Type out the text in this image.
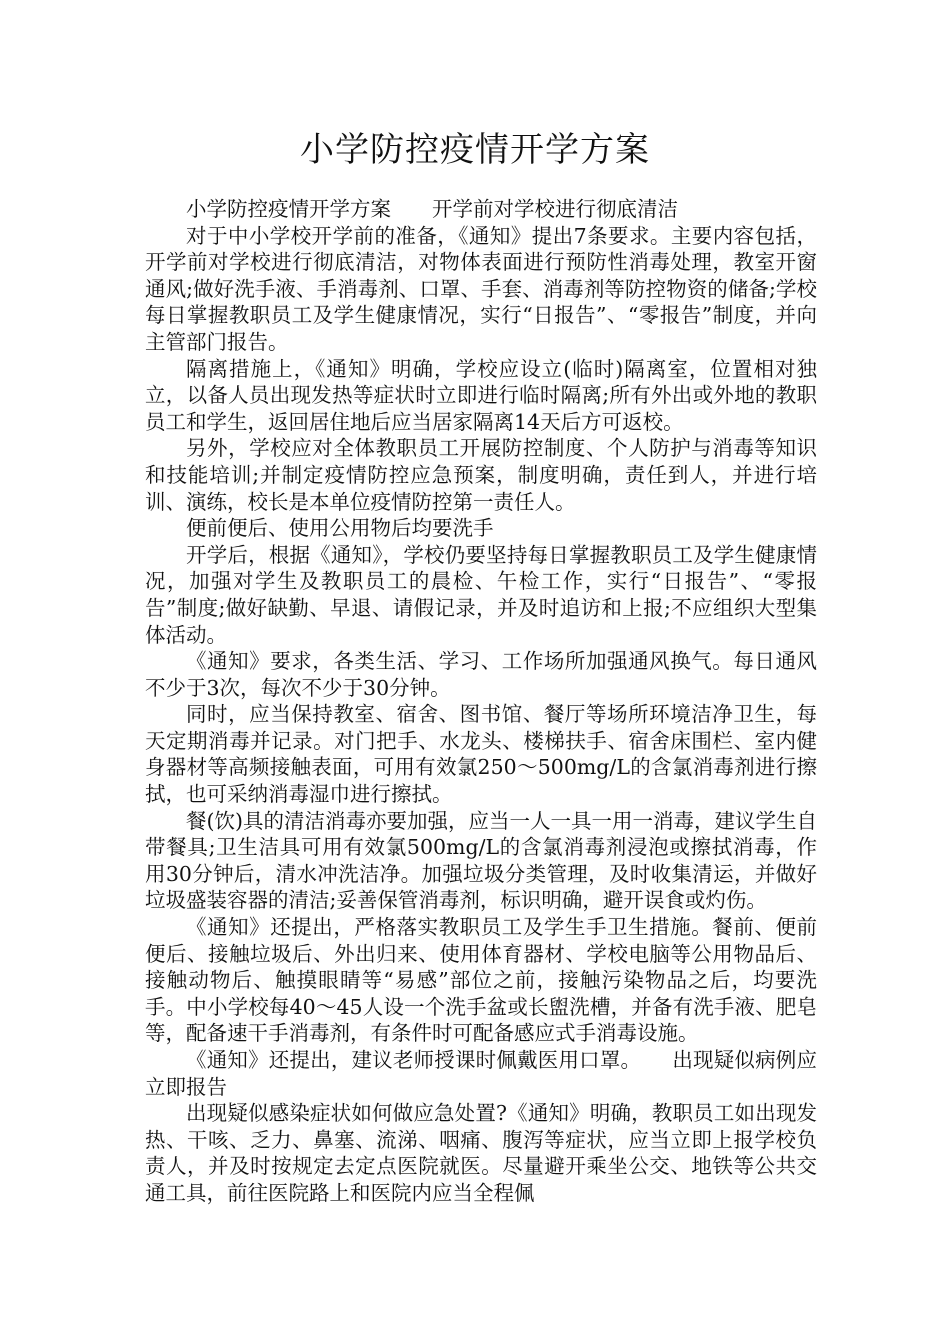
小学防控疫情开学方案

小学防控疫情开学方案　　开学前对学校进行彻底清洁

对于中小学校开学前的准备，《通知》提出7条要求。主要内容包括，开学前对学校进行彻底清洁，对物体表面进行预防性消毒处理，教室开窗通风;做好洗手液、手消毒剂、口罩、手套、消毒剂等防控物资的储备;学校每日掌握教职员工及学生健康情况，实行“日报告”、“零报告”制度，并向主管部门报告。

隔离措施上，《通知》明确，学校应设立(临时)隔离室，位置相对独立，以备人员出现发热等症状时立即进行临时隔离;所有外出或外地的教职员工和学生，返回居住地后应当居家隔离14天后方可返校。

另外，学校应对全体教职员工开展防控制度、个人防护与消毒等知识和技能培训;并制定疫情防控应急预案，制度明确，责任到人，并进行培训、演练，校长是本单位疫情防控第一责任人。

便前便后、使用公用物后均要洗手

开学后，根据《通知》，学校仍要坚持每日掌握教职员工及学生健康情况，加强对学生及教职员工的晨检、午检工作，实行“日报告”、“零报告”制度;做好缺勤、早退、请假记录，并及时追访和上报;不应组织大型集体活动。

《通知》要求，各类生活、学习、工作场所加强通风换气。每日通风不少于3次，每次不少于30分钟。

同时，应当保持教室、宿舍、图书馆、餐厅等场所环境洁净卫生，每天定期消毒并记录。对门把手、水龙头、楼梯扶手、宿舍床围栏、室内健身器材等高频接触表面，可用有效氯250～500mg/L的含氯消毒剂进行擦拭，也可采纳消毒湿巾进行擦拭。

餐(饮)具的清洁消毒亦要加强，应当一人一具一用一消毒，建议学生自带餐具;卫生洁具可用有效氯500mg/L的含氯消毒剂浸泡或擦拭消毒，作用30分钟后，清水冲洗洁净。加强垃圾分类管理，及时收集清运，并做好垃圾盛装容器的清洁;妥善保管消毒剂，标识明确，避开误食或灼伤。

《通知》还提出，严格落实教职员工及学生手卫生措施。餐前、便前便后、接触垃圾后、外出归来、使用体育器材、学校电脑等公用物品后、接触动物后、触摸眼睛等“易感”部位之前，接触污染物品之后，均要洗手。中小学校每40～45人设一个洗手盆或长盥洗槽，并备有洗手液、肥皂等，配备速干手消毒剂，有条件时可配备感应式手消毒设施。

《通知》还提出，建议老师授课时佩戴医用口罩。　　出现疑似病例应立即报告

出现疑似感染症状如何做应急处置?《通知》明确，教职员工如出现发热、干咳、乏力、鼻塞、流涕、咽痛、腹泻等症状，应当立即上报学校负责人，并及时按规定去定点医院就医。尽量避开乘坐公交、地铁等公共交通工具，前往医院路上和医院内应当全程佩
